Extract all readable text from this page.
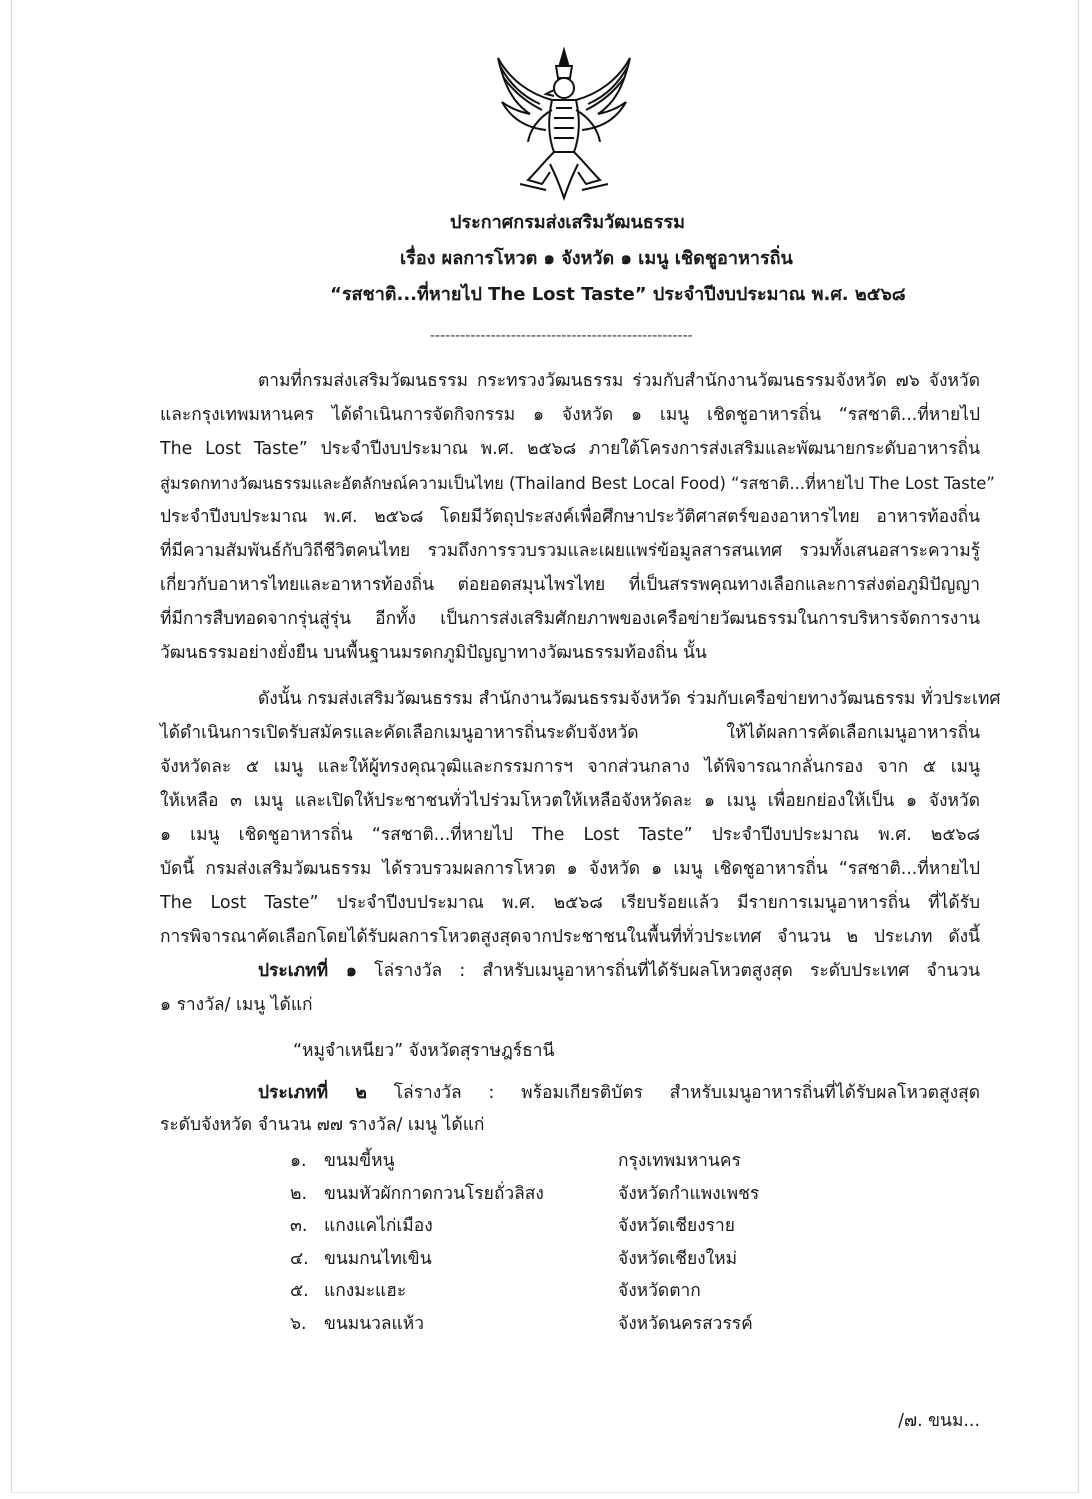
ประกาศกรมส่งเสริมวัฒนธรรม
เรื่อง ผลการโหวต ๑ จังหวัด ๑ เมนู เชิดชูอาหารถิ่น
“รสชาติ...ที่หายไป The Lost Taste” ประจำปีงบประมาณ พ.ศ. ๒๕๖๘
----------------------------------------------------
ตามที่กรมส่งเสริมวัฒนธรรม กระทรวงวัฒนธรรม ร่วมกับสำนักงานวัฒนธรรมจังหวัด ๗๖ จังหวัด
และกรุงเทพมหานคร ได้ดำเนินการจัดกิจกรรม ๑ จังหวัด ๑ เมนู เชิดชูอาหารถิ่น “รสชาติ...ที่หายไป
The Lost Taste” ประจำปีงบประมาณ พ.ศ. ๒๕๖๘ ภายใต้โครงการส่งเสริมและพัฒนายกระดับอาหารถิ่น
สู่มรดกทางวัฒนธรรมและอัตลักษณ์ความเป็นไทย (Thailand Best Local Food) “รสชาติ...ที่หายไป The Lost Taste”
ประจำปีงบประมาณ พ.ศ. ๒๕๖๘ โดยมีวัตถุประสงค์เพื่อศึกษาประวัติศาสตร์ของอาหารไทย อาหารท้องถิ่น
ที่มีความสัมพันธ์กับวิถีชีวิตคนไทย รวมถึงการรวบรวมและเผยแพร่ข้อมูลสารสนเทศ รวมทั้งเสนอสาระความรู้
เกี่ยวกับอาหารไทยและอาหารท้องถิ่น ต่อยอดสมุนไพรไทย ที่เป็นสรรพคุณทางเลือกและการส่งต่อภูมิปัญญา
ที่มีการสืบทอดจากรุ่นสู่รุ่น อีกทั้ง เป็นการส่งเสริมศักยภาพของเครือข่ายวัฒนธรรมในการบริหารจัดการงาน
วัฒนธรรมอย่างยั่งยืน บนพื้นฐานมรดกภูมิปัญญาทางวัฒนธรรมท้องถิ่น นั้น
ดังนั้น กรมส่งเสริมวัฒนธรรม สำนักงานวัฒนธรรมจังหวัด ร่วมกับเครือข่ายทางวัฒนธรรม ทั่วประเทศ
ได้ดำเนินการเปิดรับสมัครและคัดเลือกเมนูอาหารถิ่นระดับจังหวัด ให้ได้ผลการคัดเลือกเมนูอาหารถิ่น
จังหวัดละ ๕ เมนู และให้ผู้ทรงคุณวุฒิและกรรมการฯ จากส่วนกลาง ได้พิจารณากลั่นกรอง จาก ๕ เมนู
ให้เหลือ ๓ เมนู และเปิดให้ประชาชนทั่วไปร่วมโหวตให้เหลือจังหวัดละ ๑ เมนู เพื่อยกย่องให้เป็น ๑ จังหวัด
๑ เมนู เชิดชูอาหารถิ่น “รสชาติ...ที่หายไป The Lost Taste” ประจำปีงบประมาณ พ.ศ. ๒๕๖๘
บัดนี้ กรมส่งเสริมวัฒนธรรม ได้รวบรวมผลการโหวต ๑ จังหวัด ๑ เมนู เชิดชูอาหารถิ่น “รสชาติ...ที่หายไป
The Lost Taste” ประจำปีงบประมาณ พ.ศ. ๒๕๖๘ เรียบร้อยแล้ว มีรายการเมนูอาหารถิ่น ที่ได้รับ
การพิจารณาคัดเลือกโดยได้รับผลการโหวตสูงสุดจากประชาชนในพื้นที่ทั่วประเทศ จำนวน ๒ ประเภท ดังนี้
ประเภทที่ ๑ โล่รางวัล : สำหรับเมนูอาหารถิ่นที่ได้รับผลโหวตสูงสุด ระดับประเทศ จำนวน
๑ รางวัล/ เมนู ได้แก่
“หมูจำเหนียว” จังหวัดสุราษฎร์ธานี
ประเภทที่ ๒ โล่รางวัล : พร้อมเกียรติบัตร สำหรับเมนูอาหารถิ่นที่ได้รับผลโหวตสูงสุด
ระดับจังหวัด จำนวน ๗๗ รางวัล/ เมนู ได้แก่
๑. ขนมขี้หนู	กรุงเทพมหานคร
๒. ขนมหัวผักกาดกวนโรยถั่วลิสง	จังหวัดกำแพงเพชร
๓. แกงแคไก่เมือง	จังหวัดเชียงราย
๔. ขนมกนไทเขิน	จังหวัดเชียงใหม่
๕. แกงมะแฮะ	จังหวัดตาก
๖. ขนมนวลแห้ว	จังหวัดนครสวรรค์
/๗. ขนม...
